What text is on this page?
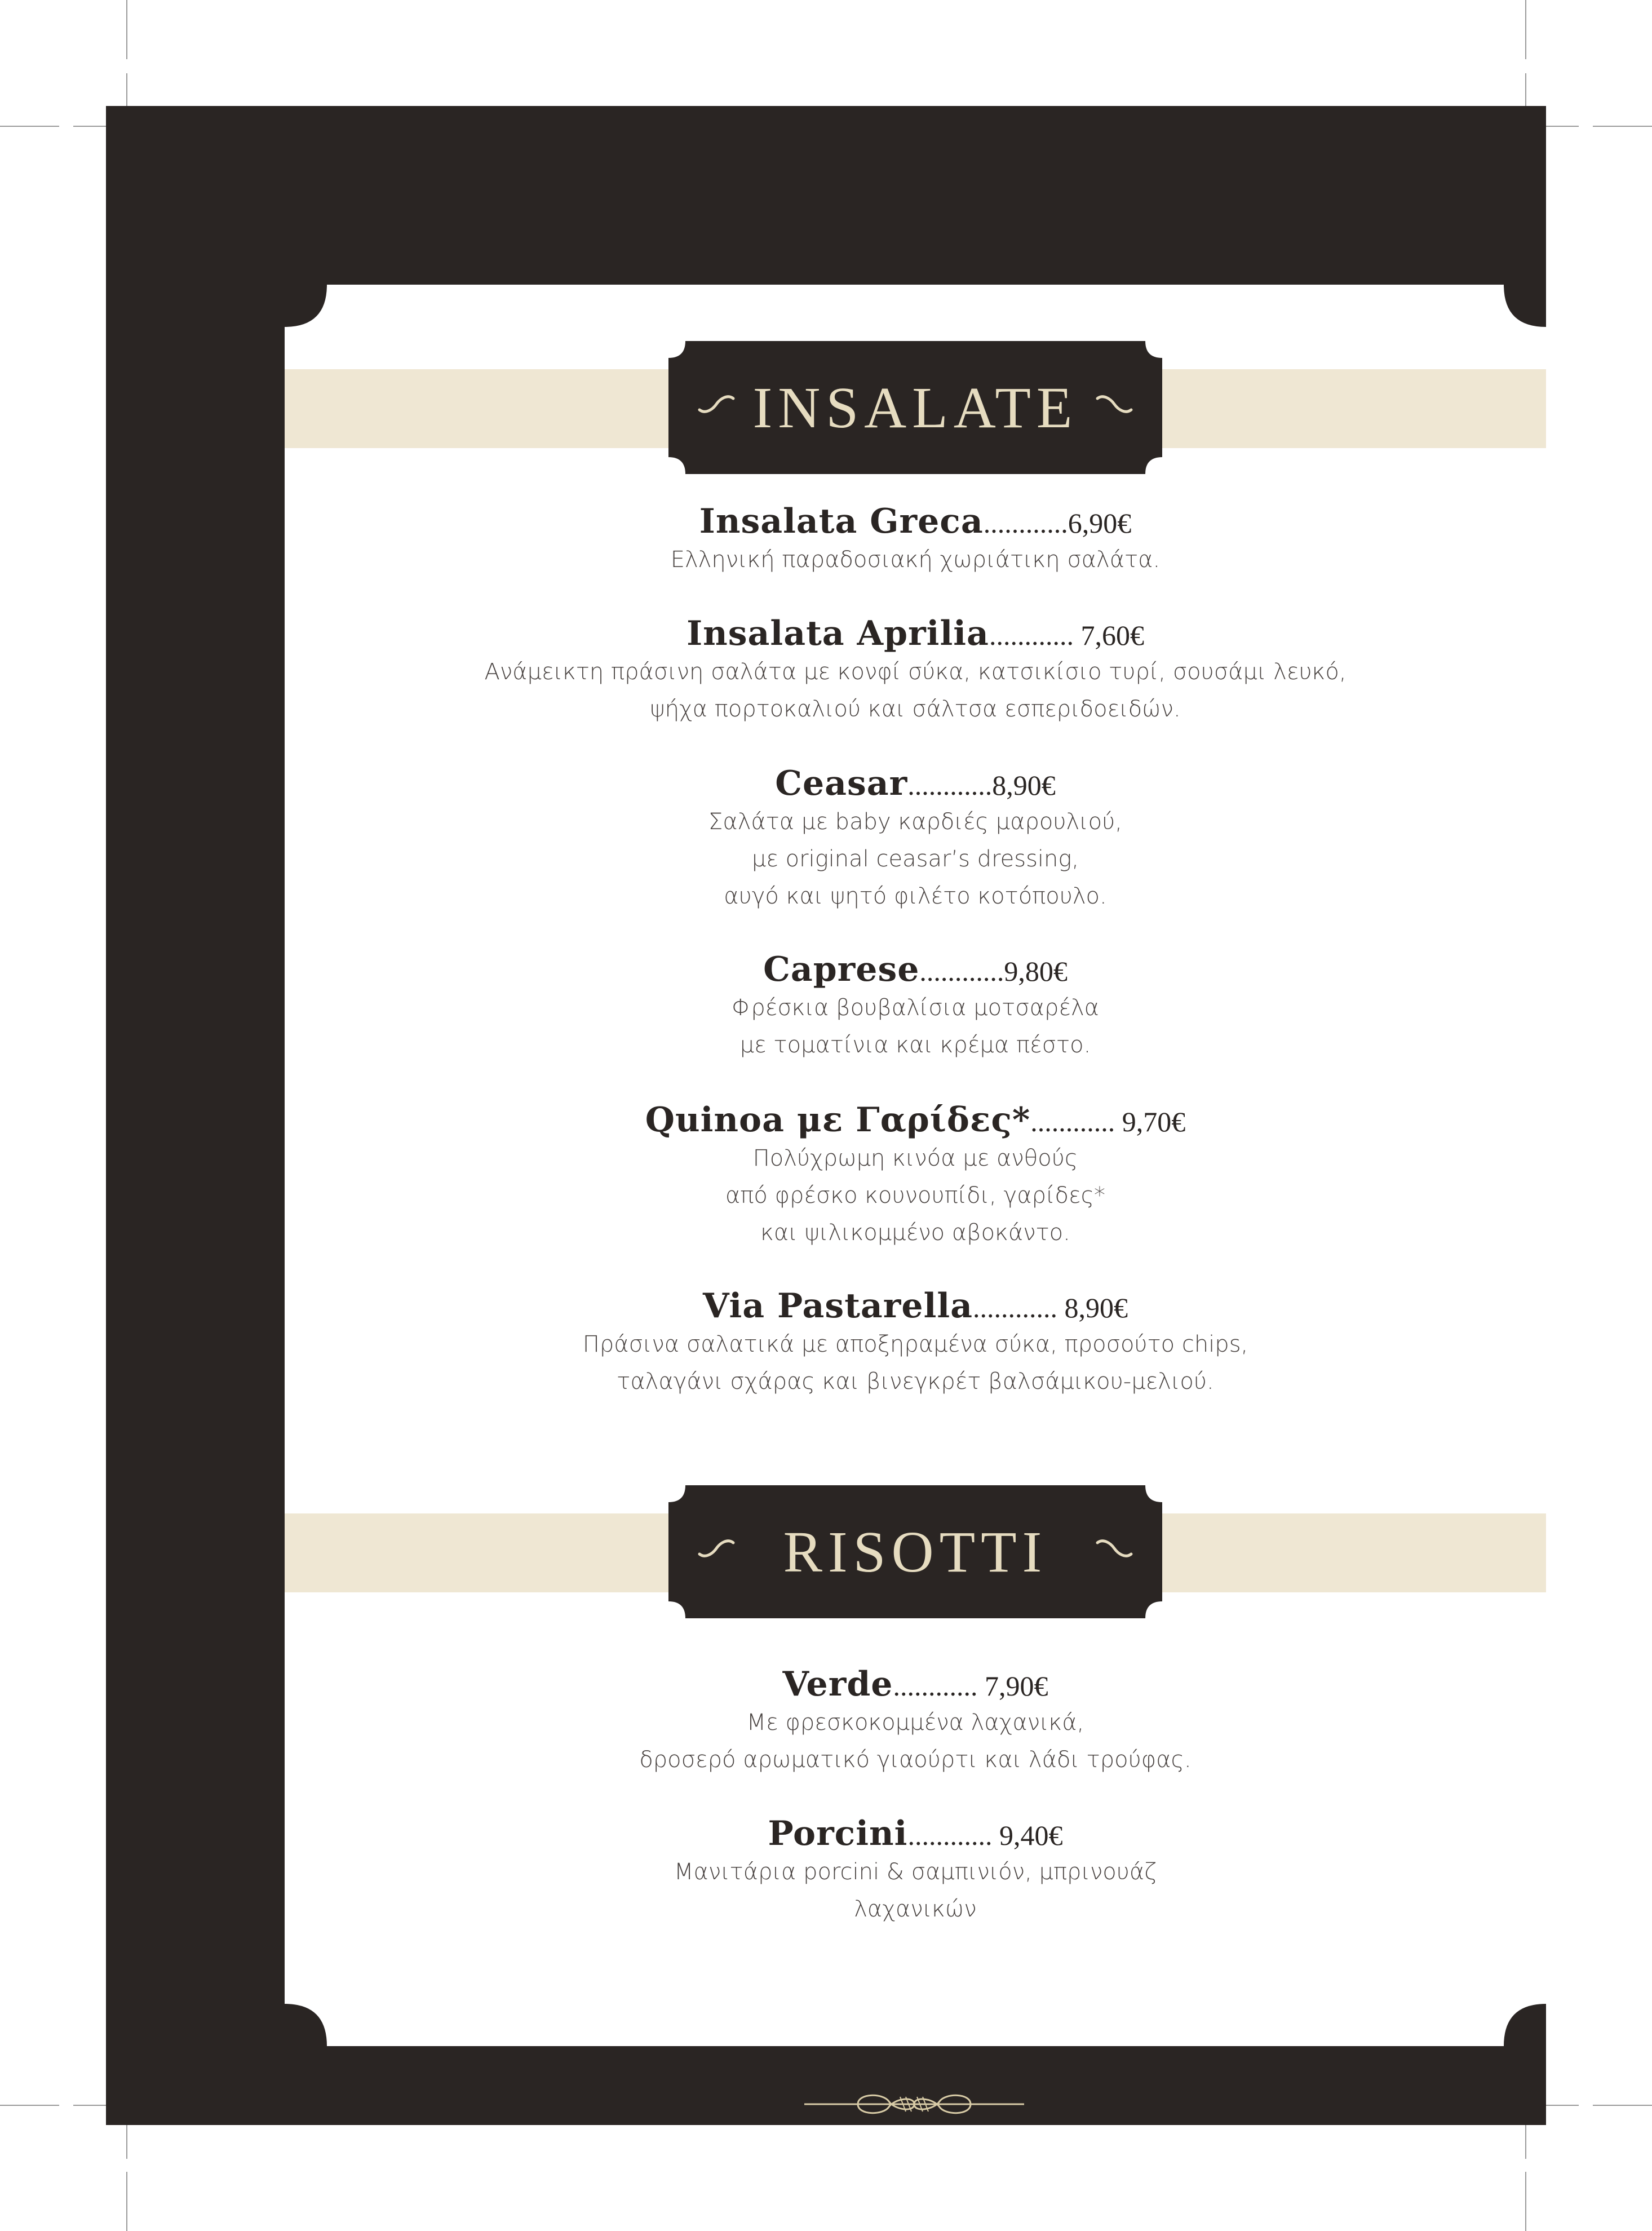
INSALATE
Insalata Greca............6,90€
Ελληνική παραδοσιακή χωριάτικη σαλάτα.
Insalata Aprilia............ 7,60€
Ανάμεικτη πράσινη σαλάτα με κονφί σύκα, κατσικίσιο τυρί, σουσάμι λευκό,
ψήχα πορτοκαλιού και σάλτσα εσπεριδοειδών.
Ceasar............8,90€
Σαλάτα με baby καρδιές μαρουλιού,
με original ceasar’s dressing,
αυγό και ψητό φιλέτο κοτόπουλο.
Caprese............9,80€
Φρέσκια βουβαλίσια μοτσαρέλα
με τοματίνια και κρέμα πέστο.
Quinoa με Γαρίδες*............ 9,70€
Πολύχρωμη κινόα με ανθούς
από φρέσκο κουνουπίδι, γαρίδες*
και ψιλικομμένο αβοκάντο.
Via Pastarella............ 8,90€
Πράσινα σαλατικά με αποξηραμένα σύκα, προσούτο chips,
ταλαγάνι σχάρας και βινεγκρέτ βαλσάμικου-μελιού.
RISOTTI
Verde............ 7,90€
Με φρεσκοκομμένα λαχανικά,
δροσερό αρωματικό γιαούρτι και λάδι τρούφας.
Porcini............ 9,40€
Μανιτάρια porcini & σαμπινιόν, μπρινουάζ
λαχανικών
